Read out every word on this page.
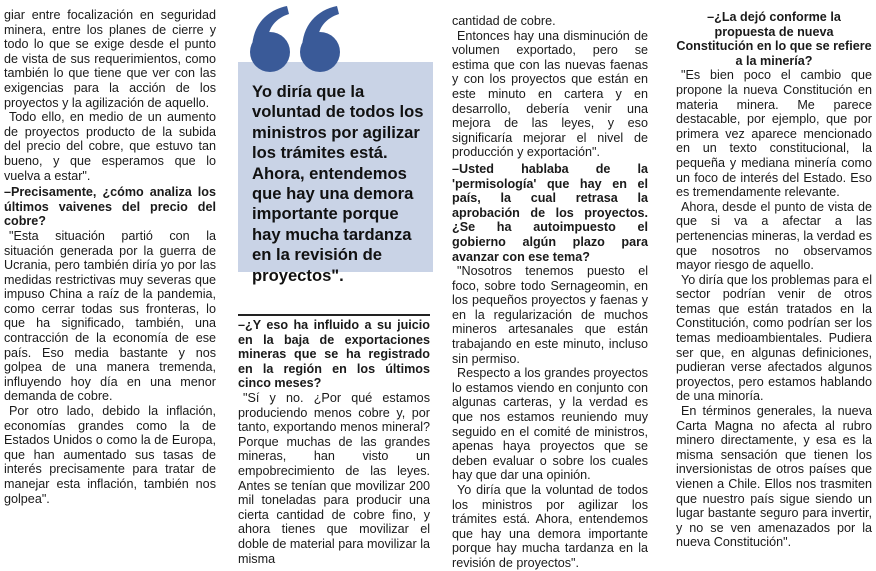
giar entre focalización en seguridad minera, entre los planes de cierre y todo lo que se exige desde el punto de vista de sus requerimientos, como también lo que tiene que ver con las exigencias para la acción de los proyectos y la agilización de aquello.

Todo ello, en medio de un aumento de proyectos producto de la subida del precio del cobre, que estuvo tan bueno, y que esperamos que lo vuelva a estar".

–Precisamente, ¿cómo analiza los últimos vaivenes del precio del cobre?

"Esta situación partió con la situación generada por la guerra de Ucrania, pero también diría yo por las medidas restrictivas muy severas que impuso China a raíz de la pandemia, como cerrar todas sus fronteras, lo que ha significado, también, una contracción de la economía de ese país. Eso media bastante y nos golpea de una manera tremenda, influyendo hoy día en una menor demanda de cobre.

Por otro lado, debido la inflación, economías grandes como la de Estados Unidos o como la de Europa, que han aumentado sus tasas de interés precisamente para tratar de manejar esta inflación, también nos golpea".

Yo diría que la voluntad de todos los ministros por agilizar los trámites está. Ahora, entendemos que hay una demora importante porque hay mucha tardanza en la revisión de proyectos".

–¿Y eso ha influido a su juicio en la baja de exportaciones mineras que se ha registrado en la región en los últimos cinco meses?

"Sí y no. ¿Por qué estamos produciendo menos cobre y, por tanto, exportando menos mineral? Porque muchas de las grandes mineras, han visto un empobrecimiento de las leyes. Antes se tenían que movilizar 200 mil toneladas para producir una cierta cantidad de cobre fino, y ahora tienes que movilizar el doble de material para movilizar la misma

cantidad de cobre.

Entonces hay una disminución de volumen exportado, pero se estima que con las nuevas faenas y con los proyectos que están en este minuto en cartera y en desarrollo, debería venir una mejora de las leyes, y eso significaría mejorar el nivel de producción y exportación".

–Usted hablaba de la 'permisología' que hay en el país, la cual retrasa la aprobación de los proyectos. ¿Se ha autoimpuesto el gobierno algún plazo para avanzar con ese tema?

"Nosotros tenemos puesto el foco, sobre todo Sernageomin, en los pequeños proyectos y faenas y en la regularización de muchos mineros artesanales que están trabajando en este minuto, incluso sin permiso.

Respecto a los grandes proyectos lo estamos viendo en conjunto con algunas carteras, y la verdad es que nos estamos reuniendo muy seguido en el comité de ministros, apenas haya proyectos que se deben evaluar o sobre los cuales hay que dar una opinión.

Yo diría que la voluntad de todos los ministros por agilizar los trámites está. Ahora, entendemos que hay una demora importante porque hay mucha tardanza en la revisión de proyectos".

–¿La dejó conforme la propuesta de nueva Constitución en lo que se refiere a la minería?

"Es bien poco el cambio que propone la nueva Constitución en materia minera. Me parece destacable, por ejemplo, que por primera vez aparece mencionado en un texto constitucional, la pequeña y mediana minería como un foco de interés del Estado. Eso es tremendamente relevante.

Ahora, desde el punto de vista de que si va a afectar a las pertenencias mineras, la verdad es que nosotros no observamos mayor riesgo de aquello.

Yo diría que los problemas para el sector podrían venir de otros temas que están tratados en la Constitución, como podrían ser los temas medioambientales. Pudiera ser que, en algunas definiciones, pudieran verse afectados algunos proyectos, pero estamos hablando de una minoría.

En términos generales, la nueva Carta Magna no afecta al rubro minero directamente, y esa es la misma sensación que tienen los inversionistas de otros países que vienen a Chile. Ellos nos trasmiten que nuestro país sigue siendo un lugar bastante seguro para invertir, y no se ven amenazados por la nueva Constitución".
